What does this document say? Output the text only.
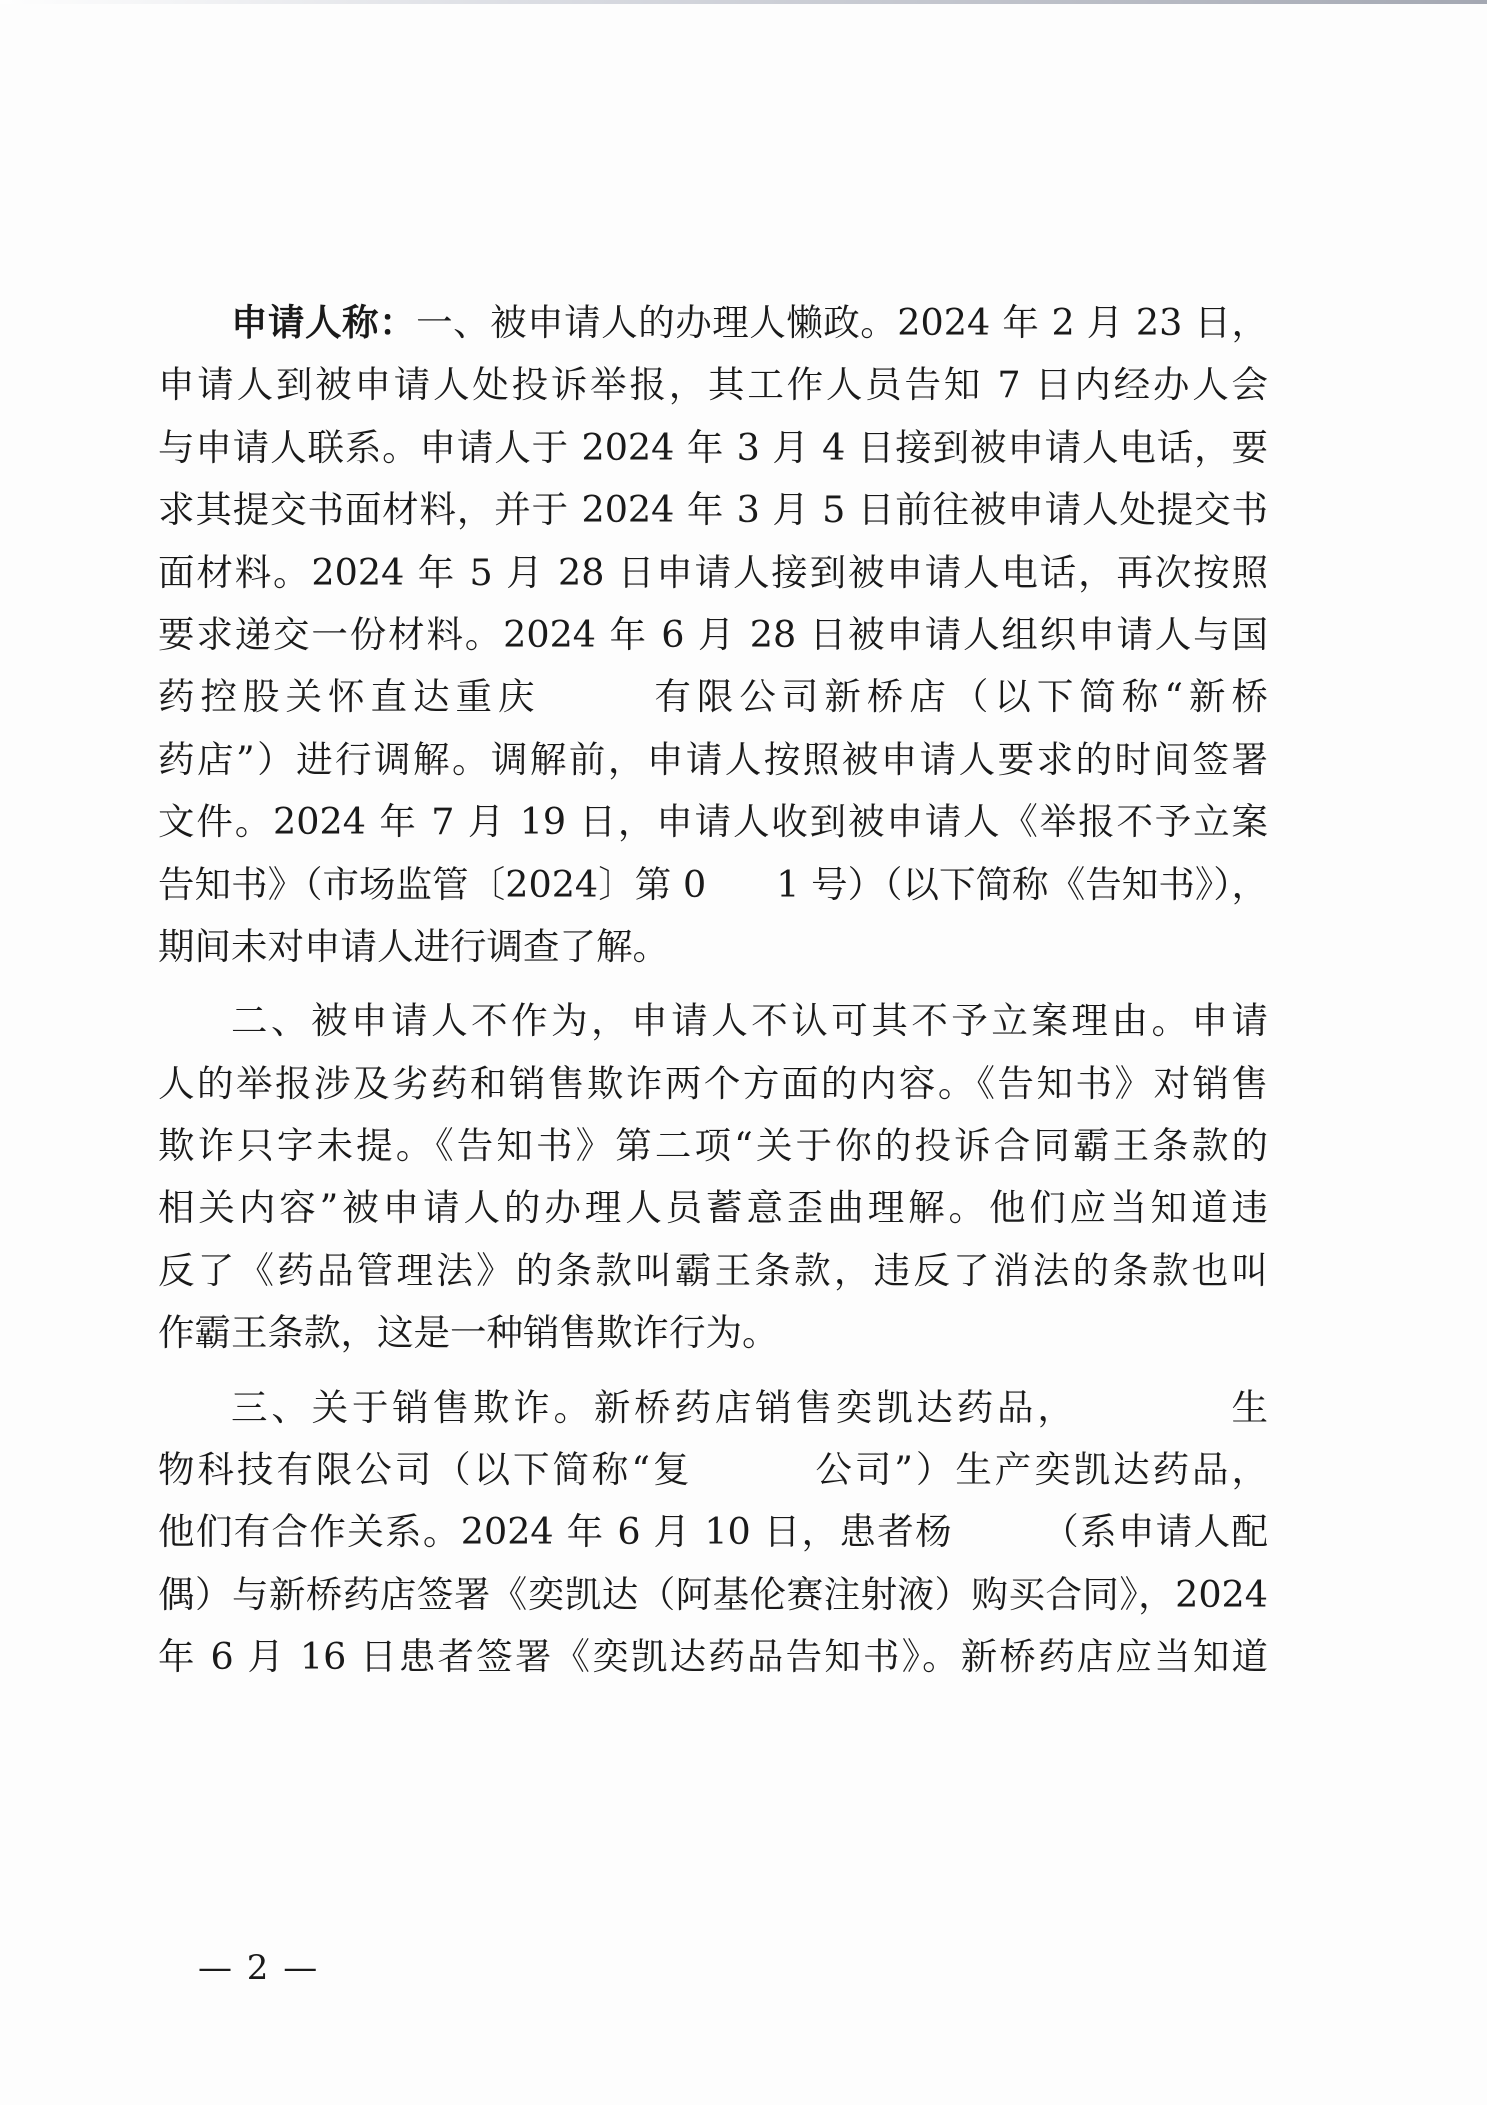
申请人称：一、被申请人的办理人懒政。2024 年 2 月 23 日，
申请人到被申请人处投诉举报，其工作人员告知 7 日内经办人会
与申请人联系。申请人于 2024 年 3 月 4 日接到被申请人电话，要
求其提交书面材料，并于 2024 年 3 月 5 日前往被申请人处提交书
面材料。2024 年 5 月 28 日申请人接到被申请人电话，再次按照
要求递交一份材料。2024 年 6 月 28 日被申请人组织申请人与国
药控股关怀直达重庆	有限公司新桥店（以下简称“新桥
药店”）进行调解。调解前，申请人按照被申请人要求的时间签署
文件。2024 年 7 月 19 日，申请人收到被申请人《举报不予立案
告知书》（市场监管〔2024〕第 0 1 号）（以下简称《告知书》），
期间未对申请人进行调查了解。
二、被申请人不作为，申请人不认可其不予立案理由。申请
人的举报涉及劣药和销售欺诈两个方面的内容。《告知书》对销售
欺诈只字未提。《告知书》第二项“关于你的投诉合同霸王条款的
相关内容”被申请人的办理人员蓄意歪曲理解。他们应当知道违
反了《药品管理法》的条款叫霸王条款，违反了消法的条款也叫
作霸王条款，这是一种销售欺诈行为。
三、关于销售欺诈。新桥药店销售奕凯达药品，	生
物科技有限公司（以下简称“复	公司”）生产奕凯达药品，
他们有合作关系。2024 年 6 月 10 日，患者杨 （系申请人配
偶）与新桥药店签署《奕凯达（阿基伦赛注射液）购买合同》，2024
年 6 月 16 日患者签署《奕凯达药品告知书》。新桥药店应当知道
— 2 —
